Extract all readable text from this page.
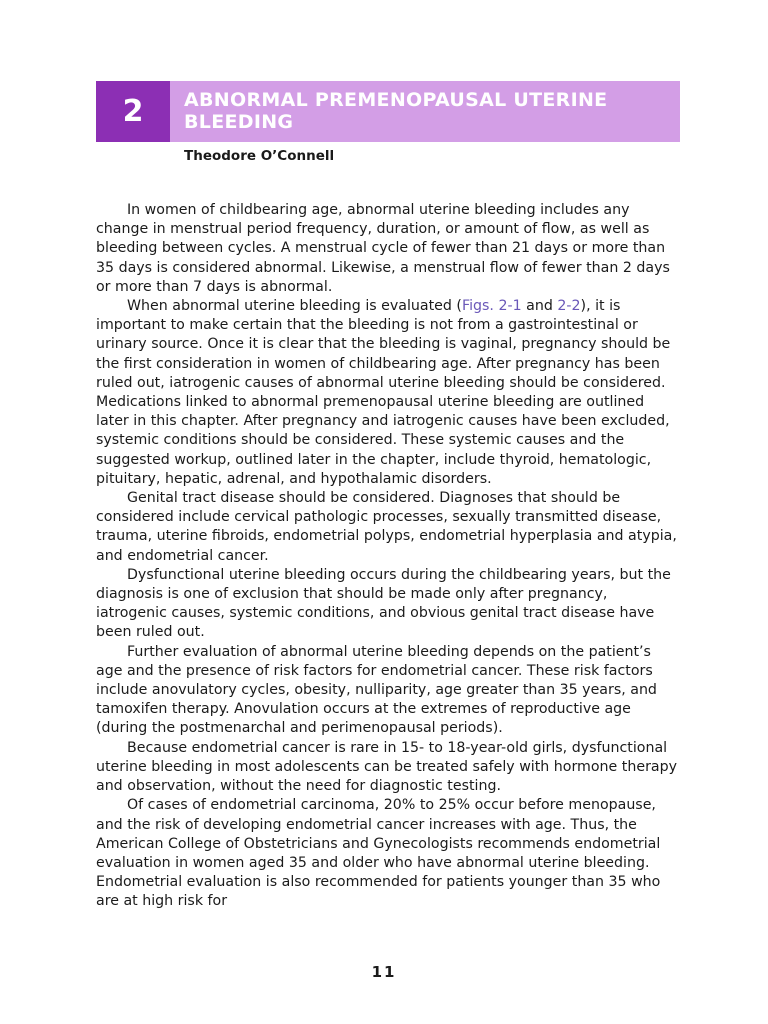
2	ABNORMAL PREMENOPAUSAL UTERINE
BLEEDING
Theodore O’Connell

In women of childbearing age, abnormal uterine bleeding includes any change in menstrual period frequency, duration, or amount of flow, as well as bleeding between cycles. A menstrual cycle of fewer than 21 days or more than 35 days is considered abnormal. Likewise, a menstrual flow of fewer than 2 days or more than 7 days is abnormal.

When abnormal uterine bleeding is evaluated (Figs. 2-1 and 2-2), it is important to make certain that the bleeding is not from a gastrointestinal or urinary source. Once it is clear that the bleeding is vaginal, pregnancy should be the first consideration in women of childbearing age. After pregnancy has been ruled out, iatrogenic causes of abnormal uterine bleeding should be considered. Medications linked to abnormal premenopausal uterine bleeding are outlined later in this chapter. After pregnancy and iatrogenic causes have been excluded, systemic conditions should be considered. These systemic causes and the suggested workup, outlined later in the chapter, include thyroid, hematologic, pituitary, hepatic, adrenal, and hypothalamic disorders.

Genital tract disease should be considered. Diagnoses that should be considered include cervical pathologic processes, sexually transmitted disease, trauma, uterine fibroids, endometrial polyps, endometrial hyperplasia and atypia, and endometrial cancer.

Dysfunctional uterine bleeding occurs during the childbearing years, but the diagnosis is one of exclusion that should be made only after pregnancy, iatrogenic causes, systemic conditions, and obvious genital tract disease have been ruled out.

Further evaluation of abnormal uterine bleeding depends on the patient’s age and the presence of risk factors for endometrial cancer. These risk factors include anovulatory cycles, obesity, nulliparity, age greater than 35 years, and tamoxifen therapy. Anovulation occurs at the extremes of reproductive age (during the postmenarchal and perimenopausal periods).

Because endometrial cancer is rare in 15- to 18-year-old girls, dysfunctional uterine bleeding in most adolescents can be treated safely with hormone therapy and observation, without the need for diagnostic testing.

Of cases of endometrial carcinoma, 20% to 25% occur before menopause, and the risk of developing endometrial cancer increases with age. Thus, the American College of Obstetricians and Gynecologists recommends endometrial evaluation in women aged 35 and older who have abnormal uterine bleeding. Endometrial evaluation is also recommended for patients younger than 35 who are at high risk for

11
